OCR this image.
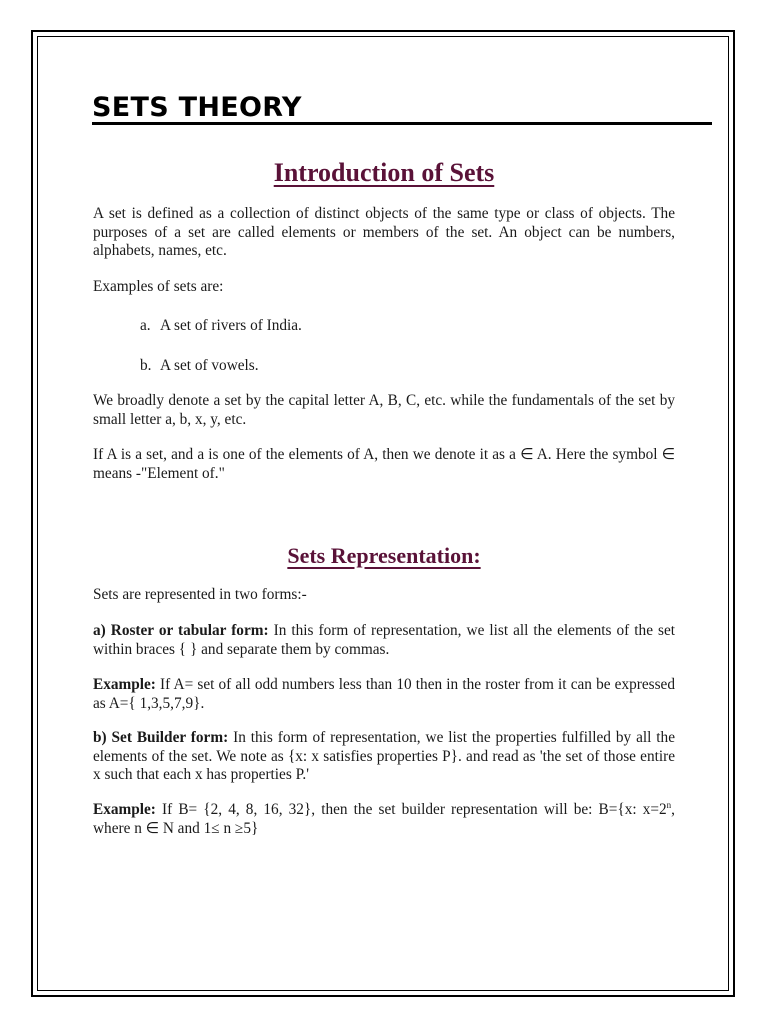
SETS THEORY
Introduction of Sets

A set is defined as a collection of distinct objects of the same type or class of objects. The purposes of a set are called elements or members of the set. An object can be numbers, alphabets, names, etc.

Examples of sets are:

a. A set of rivers of India.

b. A set of vowels.

We broadly denote a set by the capital letter A, B, C, etc. while the fundamentals of the set by small letter a, b, x, y, etc.

If A is a set, and a is one of the elements of A, then we denote it as a ∈ A. Here the symbol ∈ means -"Element of."

Sets Representation:

Sets are represented in two forms:-

a) Roster or tabular form: In this form of representation, we list all the elements of the set within braces { } and separate them by commas.

Example: If A= set of all odd numbers less than 10 then in the roster from it can be expressed as A={ 1,3,5,7,9}.

b) Set Builder form: In this form of representation, we list the properties fulfilled by all the elements of the set. We note as {x: x satisfies properties P}. and read as 'the set of those entire x such that each x has properties P.'

Example: If B= {2, 4, 8, 16, 32}, then the set builder representation will be: B={x: $x=2^n$, where n ∈ N and 1≤ n ≥5}
